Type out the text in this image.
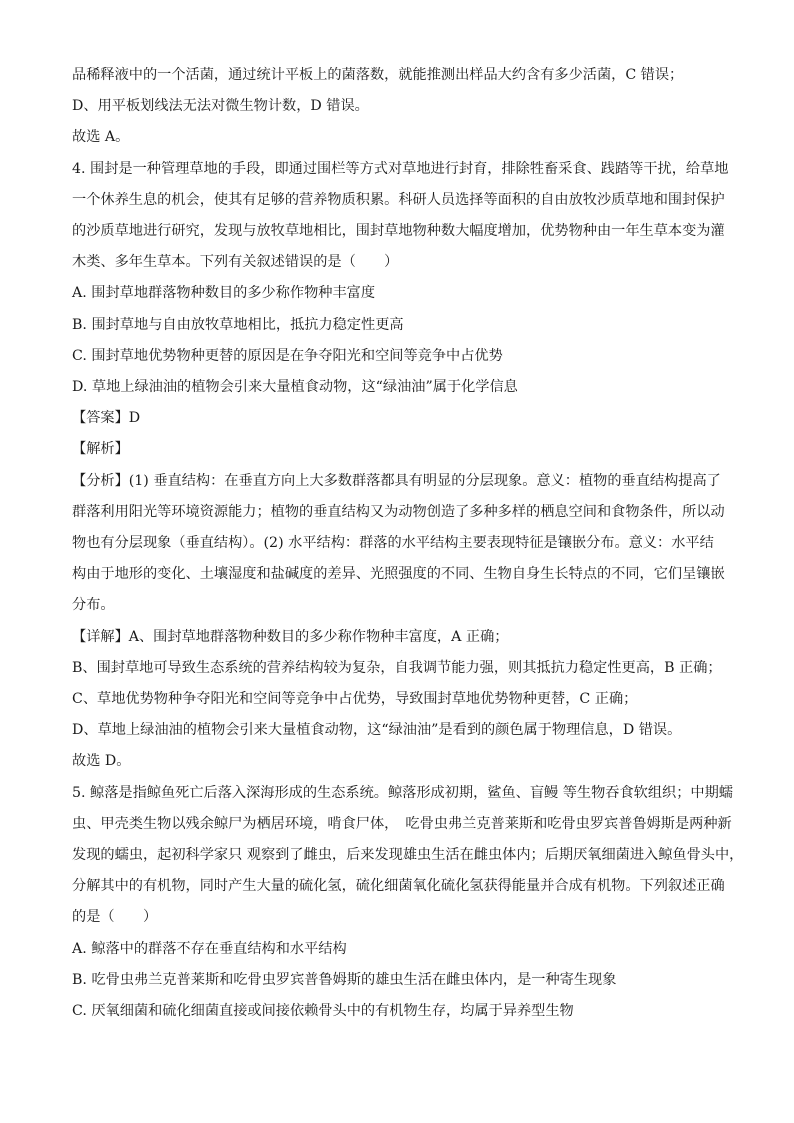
品稀释液中的一个活菌，通过统计平板上的菌落数，就能推测出样品大约含有多少活菌，C 错误；
D、用平板划线法无法对微生物计数，D 错误。
故选 A。
4. 围封是一种管理草地的手段，即通过围栏等方式对草地进行封育，排除牲畜采食、践踏等干扰，给草地
一个休养生息的机会，使其有足够的营养物质积累。科研人员选择等面积的自由放牧沙质草地和围封保护
的沙质草地进行研究，发现与放牧草地相比，围封草地物种数大幅度增加，优势物种由一年生草本变为灌
木类、多年生草本。下列有关叙述错误的是（　　）
A. 围封草地群落物种数目的多少称作物种丰富度
B. 围封草地与自由放牧草地相比，抵抗力稳定性更高
C. 围封草地优势物种更替的原因是在争夺阳光和空间等竞争中占优势
D. 草地上绿油油的植物会引来大量植食动物，这“绿油油”属于化学信息
【答案】D
【解析】
【分析】(1) 垂直结构：在垂直方向上大多数群落都具有明显的分层现象。意义：植物的垂直结构提高了
群落利用阳光等环境资源能力；植物的垂直结构又为动物创造了多种多样的栖息空间和食物条件，所以动
物也有分层现象（垂直结构）。(2) 水平结构：群落的水平结构主要表现特征是镶嵌分布。意义：水平结
构由于地形的变化、土壤湿度和盐碱度的差异、光照强度的不同、生物自身生长特点的不同，它们呈镶嵌
分布。
【详解】A、围封草地群落物种数目的多少称作物种丰富度，A 正确；
B、围封草地可导致生态系统的营养结构较为复杂，自我调节能力强，则其抵抗力稳定性更高，B 正确；
C、草地优势物种争夺阳光和空间等竞争中占优势，导致围封草地优势物种更替，C 正确；
D、草地上绿油油的植物会引来大量植食动物，这“绿油油”是看到的颜色属于物理信息，D 错误。
故选 D。
5. 鲸落是指鲸鱼死亡后落入深海形成的生态系统。鲸落形成初期，鲨鱼、盲鳗 等生物吞食软组织；中期蠕
虫、甲壳类生物以残余鲸尸为栖居环境，啃食尸体，　吃骨虫弗兰克普莱斯和吃骨虫罗宾普鲁姆斯是两种新
发现的蠕虫，起初科学家只 观察到了雌虫，后来发现雄虫生活在雌虫体内；后期厌氧细菌进入鲸鱼骨头中，
分解其中的有机物，同时产生大量的硫化氢，硫化细菌氧化硫化氢获得能量并合成有机物。下列叙述正确
的是（　　）
A. 鲸落中的群落不存在垂直结构和水平结构
B. 吃骨虫弗兰克普莱斯和吃骨虫罗宾普鲁姆斯的雄虫生活在雌虫体内，是一种寄生现象
C. 厌氧细菌和硫化细菌直接或间接依赖骨头中的有机物生存，均属于异养型生物
